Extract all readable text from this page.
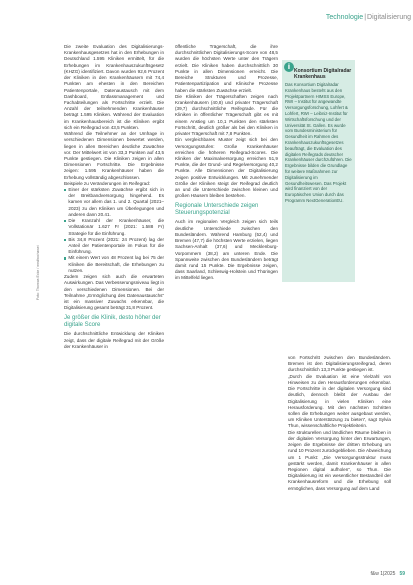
Technologie|Digitalisierung
Foto: Thomas Ecke / medhochzwei

Die zweite Evaluation des Digitalisierungs-Krankenhausgesetzes hat in den Erhebungen in Deutschland 1.595 Kliniken ermittelt, für die Erhebungen im Krankenhauszukunftsgesetz (KHZG) identifiziert. Davon wurden 92,6 Prozent der Kliniken in den Krankenhäusern mit 74,4 Punkten am ehesten in den Bereichen Patientenportale, Datenaustausch mit dem Dashboard, Entlassmanagement und Fachabteilungen als Fortschritte erzielt. Die Anzahl der teilnehmenden Krankenhäuser beträgt 1.595 Kliniken. Während der Evaluation im Krankenhausbereich ist die Kliniken ergibt sich ein Reifegrad von 43,5 Punkten.

Während die Teilnehmer an der Umfrage in verschiedenen Dimensionen bewertet werden, liegen in allen Bereichen deutliche Zuwächse vor. Der Mittelwert ist von 33,3 Punkten auf 43,5 Punkte gestiegen. Die Kliniken zeigen in allen Dimensionen Fortschritte. Die Ergebnisse zeigen: 1.595 Krankenhäuser haben die Erhebung vollständig abgeschlossen.

Beispiele zu Veränderungen im Reifegrad:

Einer der stärksten Zuwächse ergibt sich in der Breitbandversorgung hingehend. Es kamen vor allem das 1. und 2. Quartal (2021–2023) zu den Kliniken um Überlegungen und anderen dann 20.41.

Die Kranzahl der Krankenhäuser, die Vollstationär 1.627 Fr (2021: 1.588 Fr) Strategie für die Einführung.

Bis 34,8 Prozent (2021: 24 Prozent) lag der Anteil der Patientenportale im Fokus für die Einführung.

Mit einem Wert von 48 Prozent lag bei 75 der Kliniken die Bereitschaft, die Erhebungen zu nutzen.

Zudem zeigen sich auch die erwarteten Auswirkungen. Das Verbesserungsniveau liegt in den verschiedenen Dimensionen. Bei der Teilnahme „Ermöglichung des Datenaustauschs“ ist ein massiver Zuwachs erkennbar, die Digitalisierung gesamt beträgt 31,8 Prozent.

Je größer die Klinik, desto höher der digitale Score

Die durchschnittliche Entwicklung der Kliniken zeigt, dass der digitale Reifegrad mit der Größe der Krankenhäuser in

öffentliche Trägerschaft, die ihre durchschnittlichen Digitalisierungs-Score von 48,5 wurden die höchsten Werte unter den Trägern erzielt. Die Kliniken haben durchschnittlich 30 Punkte in allen Dimensionen erreicht. Die Bereiche Strukturen und Prozesse, Patientenpartizipation und Klinische Prozesse haben die stärksten Zuwächse erzielt.

Die Kliniken der Trägerschaften zeigen nach Krankenhäusern (40,8) und privater Trägerschaft (39,7) durchschnittliche Reifegrade. Für die Kliniken in öffentlicher Trägerschaft gibt es mit einem Anstieg um 10,1 Punkten den stärksten Fortschritt, deutlich größer als bei den Kliniken in privater Trägerschaft mit 7,8 Punkten.

Ein vergleichbares Muster zeigt sich bei den Versorgungsstufen: Große Krankenhäuser erreichen die höheren Reifegrad-Scores. Die Kliniken der Maximalversorgung erreichen 51,9 Punkte, die der Grund- und Regelversorgung 40,2 Punkte. Alle Dimensionen der Digitalisierung zeigen positive Entwicklungen. Mit zunehmender Größe der Kliniken steigt der Reifegrad deutlich an und die Unterschiede zwischen kleinen und großen Häusern bleiben bestehen.

Regionale Unterschiede zeigen Steuerungspotenzial

Auch im regionalen Vergleich zeigen sich teils deutliche Unterschiede zwischen den Bundesländern. Während Hamburg (52,4) und Bremen (47,7) die höchsten Werte erzielen, liegen Sachsen-Anhalt (37,6) und Mecklenburg-Vorpommern (38,2) am unteren Ende. Die Spannweite zwischen den Bundesländern beträgt damit rund 15 Punkte. Die Ergebnisse zeigen, dass Saarland, Schleswig-Holstein und Thüringen im Mittelfeld liegen.

i Konsortium Digitalradar Krankenhaus
Das Konsortium Digitalradar Krankenhaus besteht aus den Projektpartnern HIMSS Europe, RWI – Institut für angewandte Versorgungsforschung, Lohfert & Lohfert, RWI – Leibniz-Institut für Wirtschaftsforschung und der Universität St. Gallen. Es wurde vom Bundesministerium für Gesundheit im Rahmen des Krankenhauszukunftsgesetzes beauftragt, die Evaluation des digitalen Reifegrads deutscher Krankenhäuser durchzuführen. Die Ergebnisse bilden die Grundlage für weitere Maßnahmen zur Digitalisierung im Gesundheitswesen. Das Projekt wird finanziert von der Europäischen Union durch das Programm NextGenerationEU.

von Fortschritt zwischen den Bundesländern. Bremen ist den Digitalisierungsreifegrad, deren durchschnittlich 13,3 Punkte gestiegen ist.

„Durch die Evaluation ist eine Vielzahl von Hinweisen zu den Herausforderungen erkennbar. Die Fortschritte in der digitalen Versorgung sind deutlich, dennoch bleibt der Ausbau der Digitalisierung in vielen Kliniken eine Herausforderung. Mit den nächsten Schritten sollen die Erhebungen weiter ausgebaut werden, um Kliniken Unterstützung zu bieten“, sagt Sylvia Thun, wissenschaftliche Projektleiterin.

Die strukturellen und ländlichen Räume bleiben in der digitalen Versorgung hinter den Erwartungen, zeigen die Ergebnisse der dritten Erhebung um rund 10 Prozent zurückgeblieben. Die Abweichung um 1 Punkt: „Die Versorgungsstruktur muss gestärkt werden, damit Krankenhäuser in allen Regionen digital aufholen“, so Thun. Die Digitalisierung ist ein wesentlicher Bestandteil der Krankenhausreform und die Erhebung soll ermöglichen, dass Versorgung auf dem Land

f&w 1|2025 59
